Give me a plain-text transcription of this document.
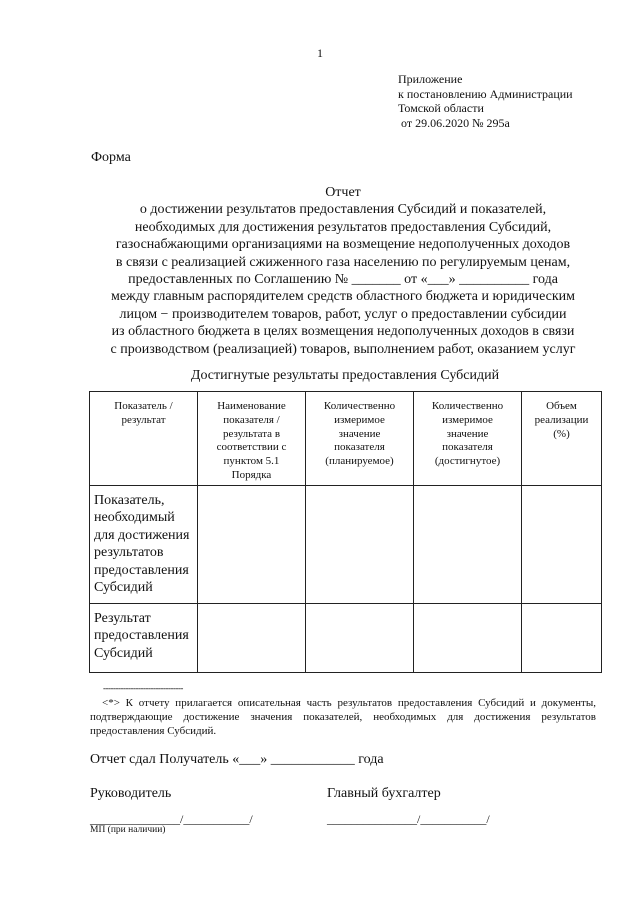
1
Приложение
к постановлению Администрации
Томской области
от 29.06.2020 № 295а
Форма
Отчет
о достижении результатов предоставления Субсидий и показателей,
необходимых для достижения результатов предоставления Субсидий,
газоснабжающими организациями на возмещение недополученных доходов
в связи с реализацией сжиженного газа населению по регулируемым ценам,
предоставленных по Соглашению № _______ от «___» __________ года
между главным распорядителем средств областного бюджета и юридическим
лицом − производителем товаров, работ, услуг о предоставлении субсидии
из областного бюджета в целях возмещения недополученных доходов в связи
с производством (реализацией) товаров, выполнением работ, оказанием услуг
Достигнутые результаты предоставления Субсидий
Показатель / результат	Наименование показателя / результата в соответствии с пунктом 5.1 Порядка	Количественно измеримое значение показателя (планируемое)	Количественно измеримое значение показателя (достигнутое)	Объем реализации (%)
Показатель, необходимый для достижения результатов предоставления Субсидий				
Результат предоставления Субсидий				
--------------------------------
<*> К отчету прилагается описательная часть результатов предоставления Субсидий и документы, подтверждающие достижение значения показателей, необходимых для достижения результатов предоставления Субсидий.
Отчет сдал Получатель «___» ____________ года
Руководитель	Главный бухгалтер
_______________/___________/	_______________/___________/
МП (при наличии)
